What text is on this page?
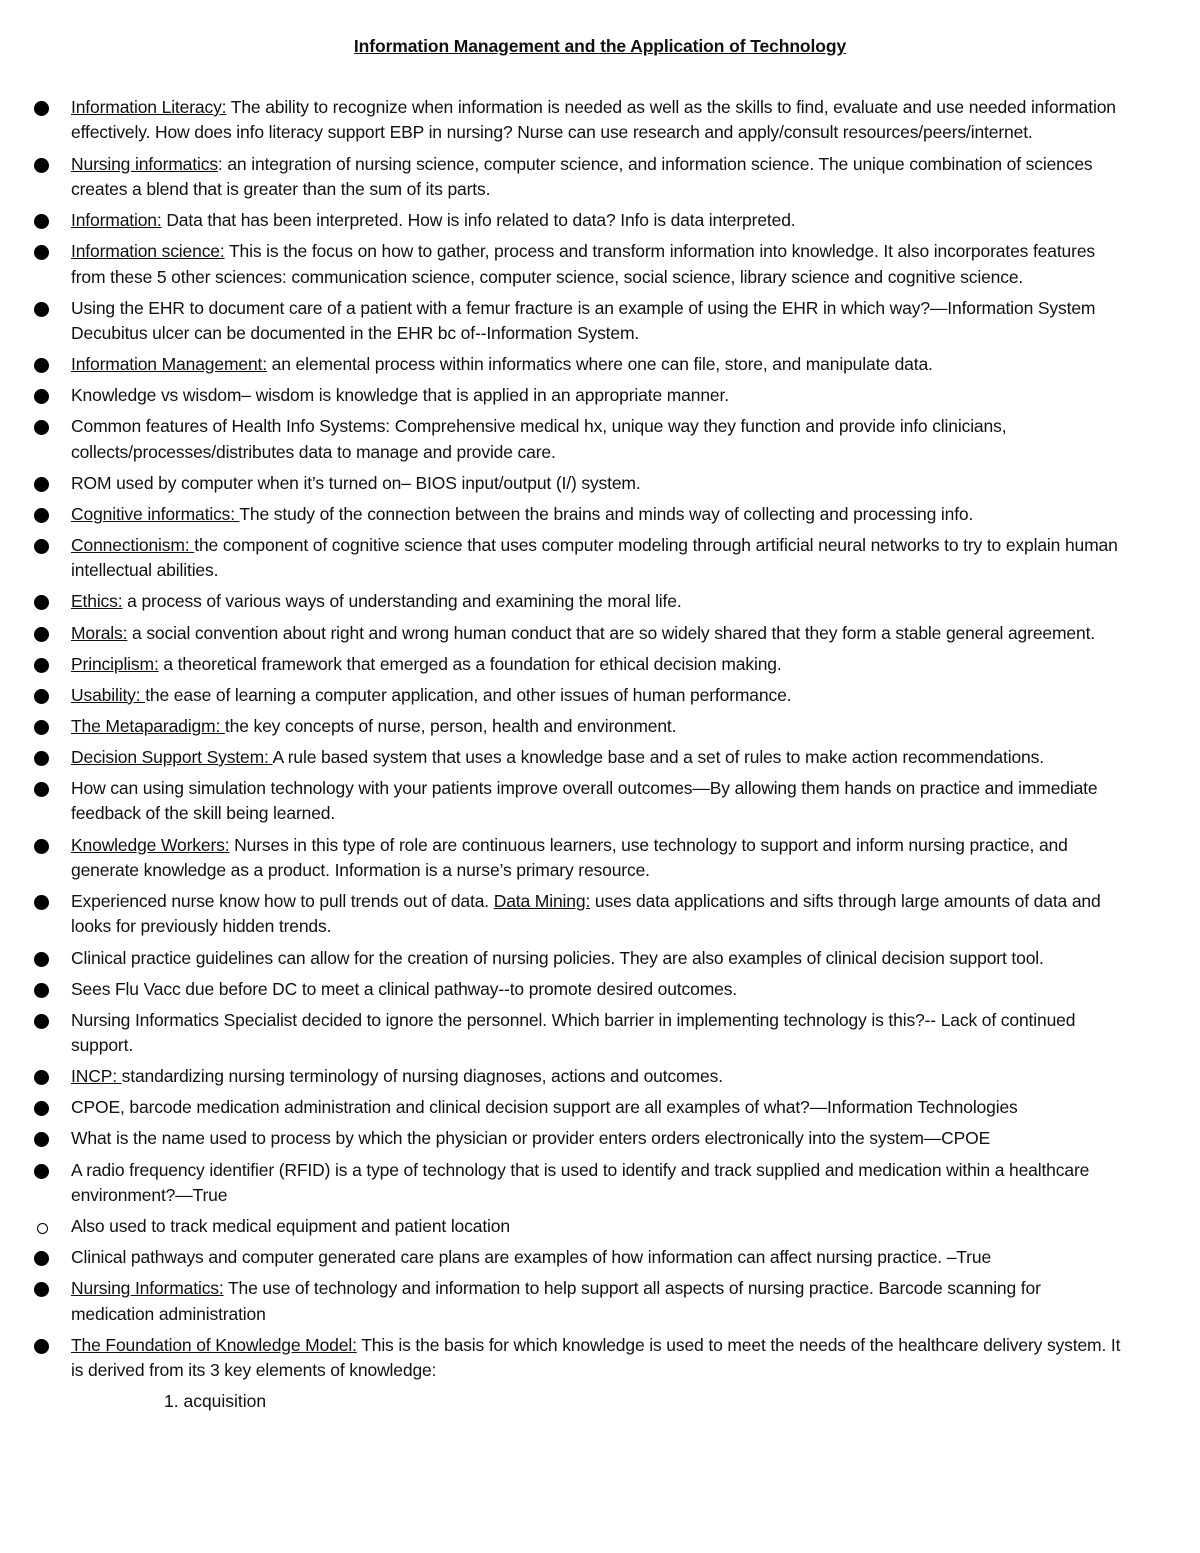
Information Management and the Application of Technology
Information Literacy: The ability to recognize when information is needed as well as the skills to find, evaluate and use needed information effectively. How does info literacy support EBP in nursing? Nurse can use research and apply/consult resources/peers/internet.
Nursing informatics: an integration of nursing science, computer science, and information science. The unique combination of sciences creates a blend that is greater than the sum of its parts.
Information: Data that has been interpreted. How is info related to data? Info is data interpreted.
Information science: This is the focus on how to gather, process and transform information into knowledge. It also incorporates features from these 5 other sciences: communication science, computer science, social science, library science and cognitive science.
Using the EHR to document care of a patient with a femur fracture is an example of using the EHR in which way?—Information System Decubitus ulcer can be documented in the EHR bc of--Information System.
Information Management: an elemental process within informatics where one can file, store, and manipulate data.
Knowledge vs wisdom– wisdom is knowledge that is applied in an appropriate manner.
Common features of Health Info Systems: Comprehensive medical hx, unique way they function and provide info clinicians, collects/processes/distributes data to manage and provide care.
ROM used by computer when it’s turned on– BIOS input/output (I/) system.
Cognitive informatics: The study of the connection between the brains and minds way of collecting and processing info.
Connectionism: the component of cognitive science that uses computer modeling through artificial neural networks to try to explain human intellectual abilities.
Ethics: a process of various ways of understanding and examining the moral life.
Morals: a social convention about right and wrong human conduct that are so widely shared that they form a stable general agreement.
Principlism: a theoretical framework that emerged as a foundation for ethical decision making.
Usability: the ease of learning a computer application, and other issues of human performance.
The Metaparadigm: the key concepts of nurse, person, health and environment.
Decision Support System: A rule based system that uses a knowledge base and a set of rules to make action recommendations.
How can using simulation technology with your patients improve overall outcomes—By allowing them hands on practice and immediate feedback of the skill being learned.
Knowledge Workers: Nurses in this type of role are continuous learners, use technology to support and inform nursing practice, and generate knowledge as a product. Information is a nurse’s primary resource.
Experienced nurse know how to pull trends out of data. Data Mining: uses data applications and sifts through large amounts of data and looks for previously hidden trends.
Clinical practice guidelines can allow for the creation of nursing policies. They are also examples of clinical decision support tool.
Sees Flu Vacc due before DC to meet a clinical pathway--to promote desired outcomes.
Nursing Informatics Specialist decided to ignore the personnel. Which barrier in implementing technology is this?-- Lack of continued support.
INCP: standardizing nursing terminology of nursing diagnoses, actions and outcomes.
CPOE, barcode medication administration and clinical decision support are all examples of what?—Information Technologies
What is the name used to process by which the physician or provider enters orders electronically into the system—CPOE
A radio frequency identifier (RFID) is a type of technology that is used to identify and track supplied and medication within a healthcare environment?—True
Also used to track medical equipment and patient location
Clinical pathways and computer generated care plans are examples of how information can affect nursing practice. –True
Nursing Informatics: The use of technology and information to help support all aspects of nursing practice. Barcode scanning for medication administration
The Foundation of Knowledge Model: This is the basis for which knowledge is used to meet the needs of the healthcare delivery system. It is derived from its 3 key elements of knowledge:
1. acquisition
